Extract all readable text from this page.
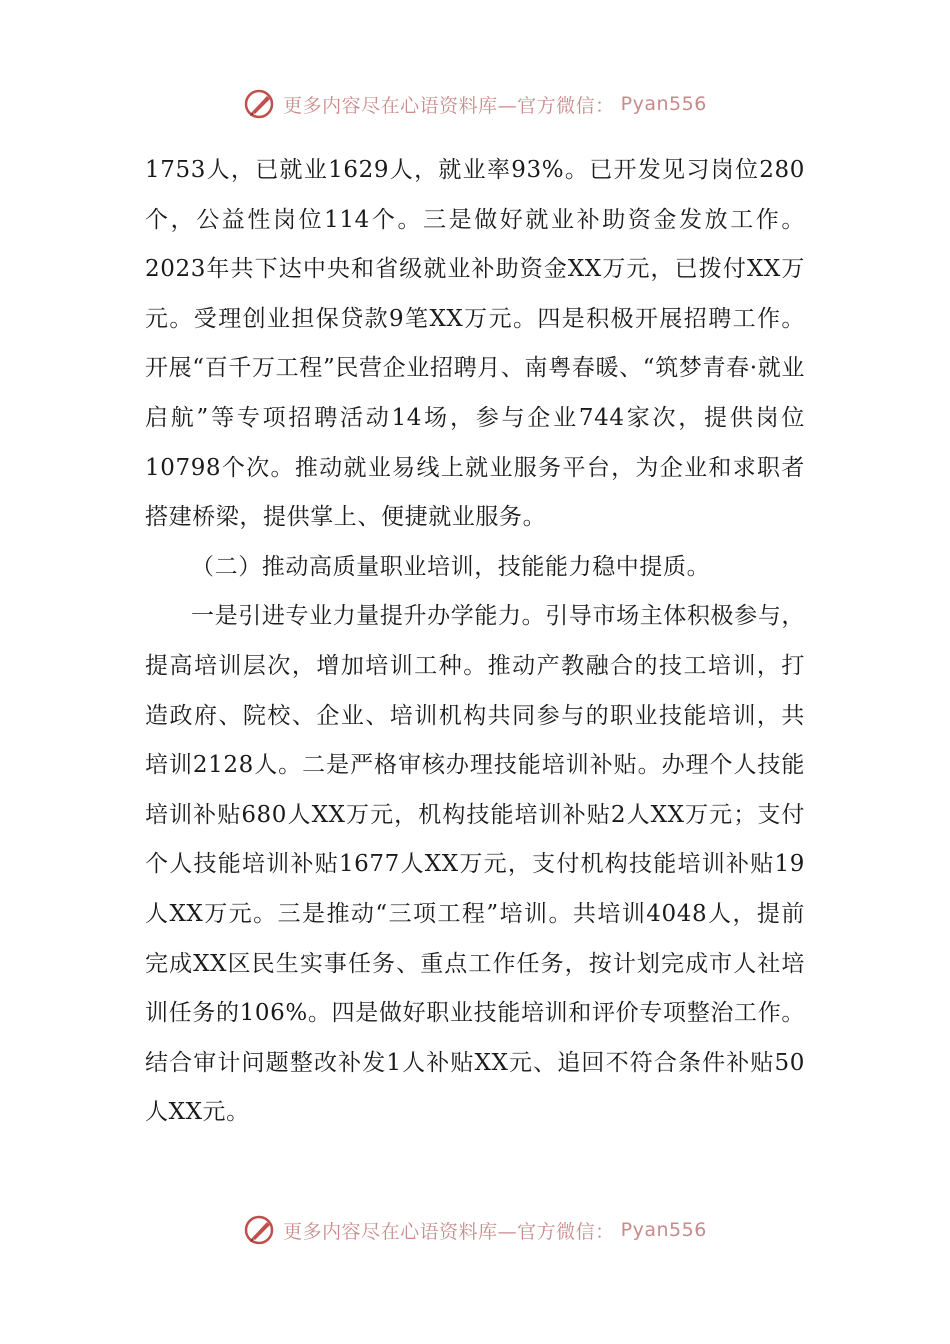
更多内容尽在心语资料库—官方微信： Pyan556

1753人，已就业1629人，就业率93%。已开发见习岗位280个，公益性岗位114个。三是做好就业补助资金发放工作。2023年共下达中央和省级就业补助资金XX万元，已拨付XX万元。受理创业担保贷款9笔XX万元。四是积极开展招聘工作。开展“百千万工程”民营企业招聘月、南粤春暖、“筑梦青春·就业启航”等专项招聘活动14场，参与企业744家次，提供岗位10798个次。推动就业易线上就业服务平台，为企业和求职者搭建桥梁，提供掌上、便捷就业服务。

（二）推动高质量职业培训，技能能力稳中提质。

一是引进专业力量提升办学能力。引导市场主体积极参与，提高培训层次，增加培训工种。推动产教融合的技工培训，打造政府、院校、企业、培训机构共同参与的职业技能培训，共培训2128人。二是严格审核办理技能培训补贴。办理个人技能培训补贴680人XX万元，机构技能培训补贴2人XX万元；支付个人技能培训补贴1677人XX万元，支付机构技能培训补贴19人XX万元。三是推动“三项工程”培训。共培训4048人，提前完成XX区民生实事任务、重点工作任务，按计划完成市人社培训任务的106%。四是做好职业技能培训和评价专项整治工作。结合审计问题整改补发1人补贴XX元、追回不符合条件补贴50人XX元。

更多内容尽在心语资料库—官方微信： Pyan556
